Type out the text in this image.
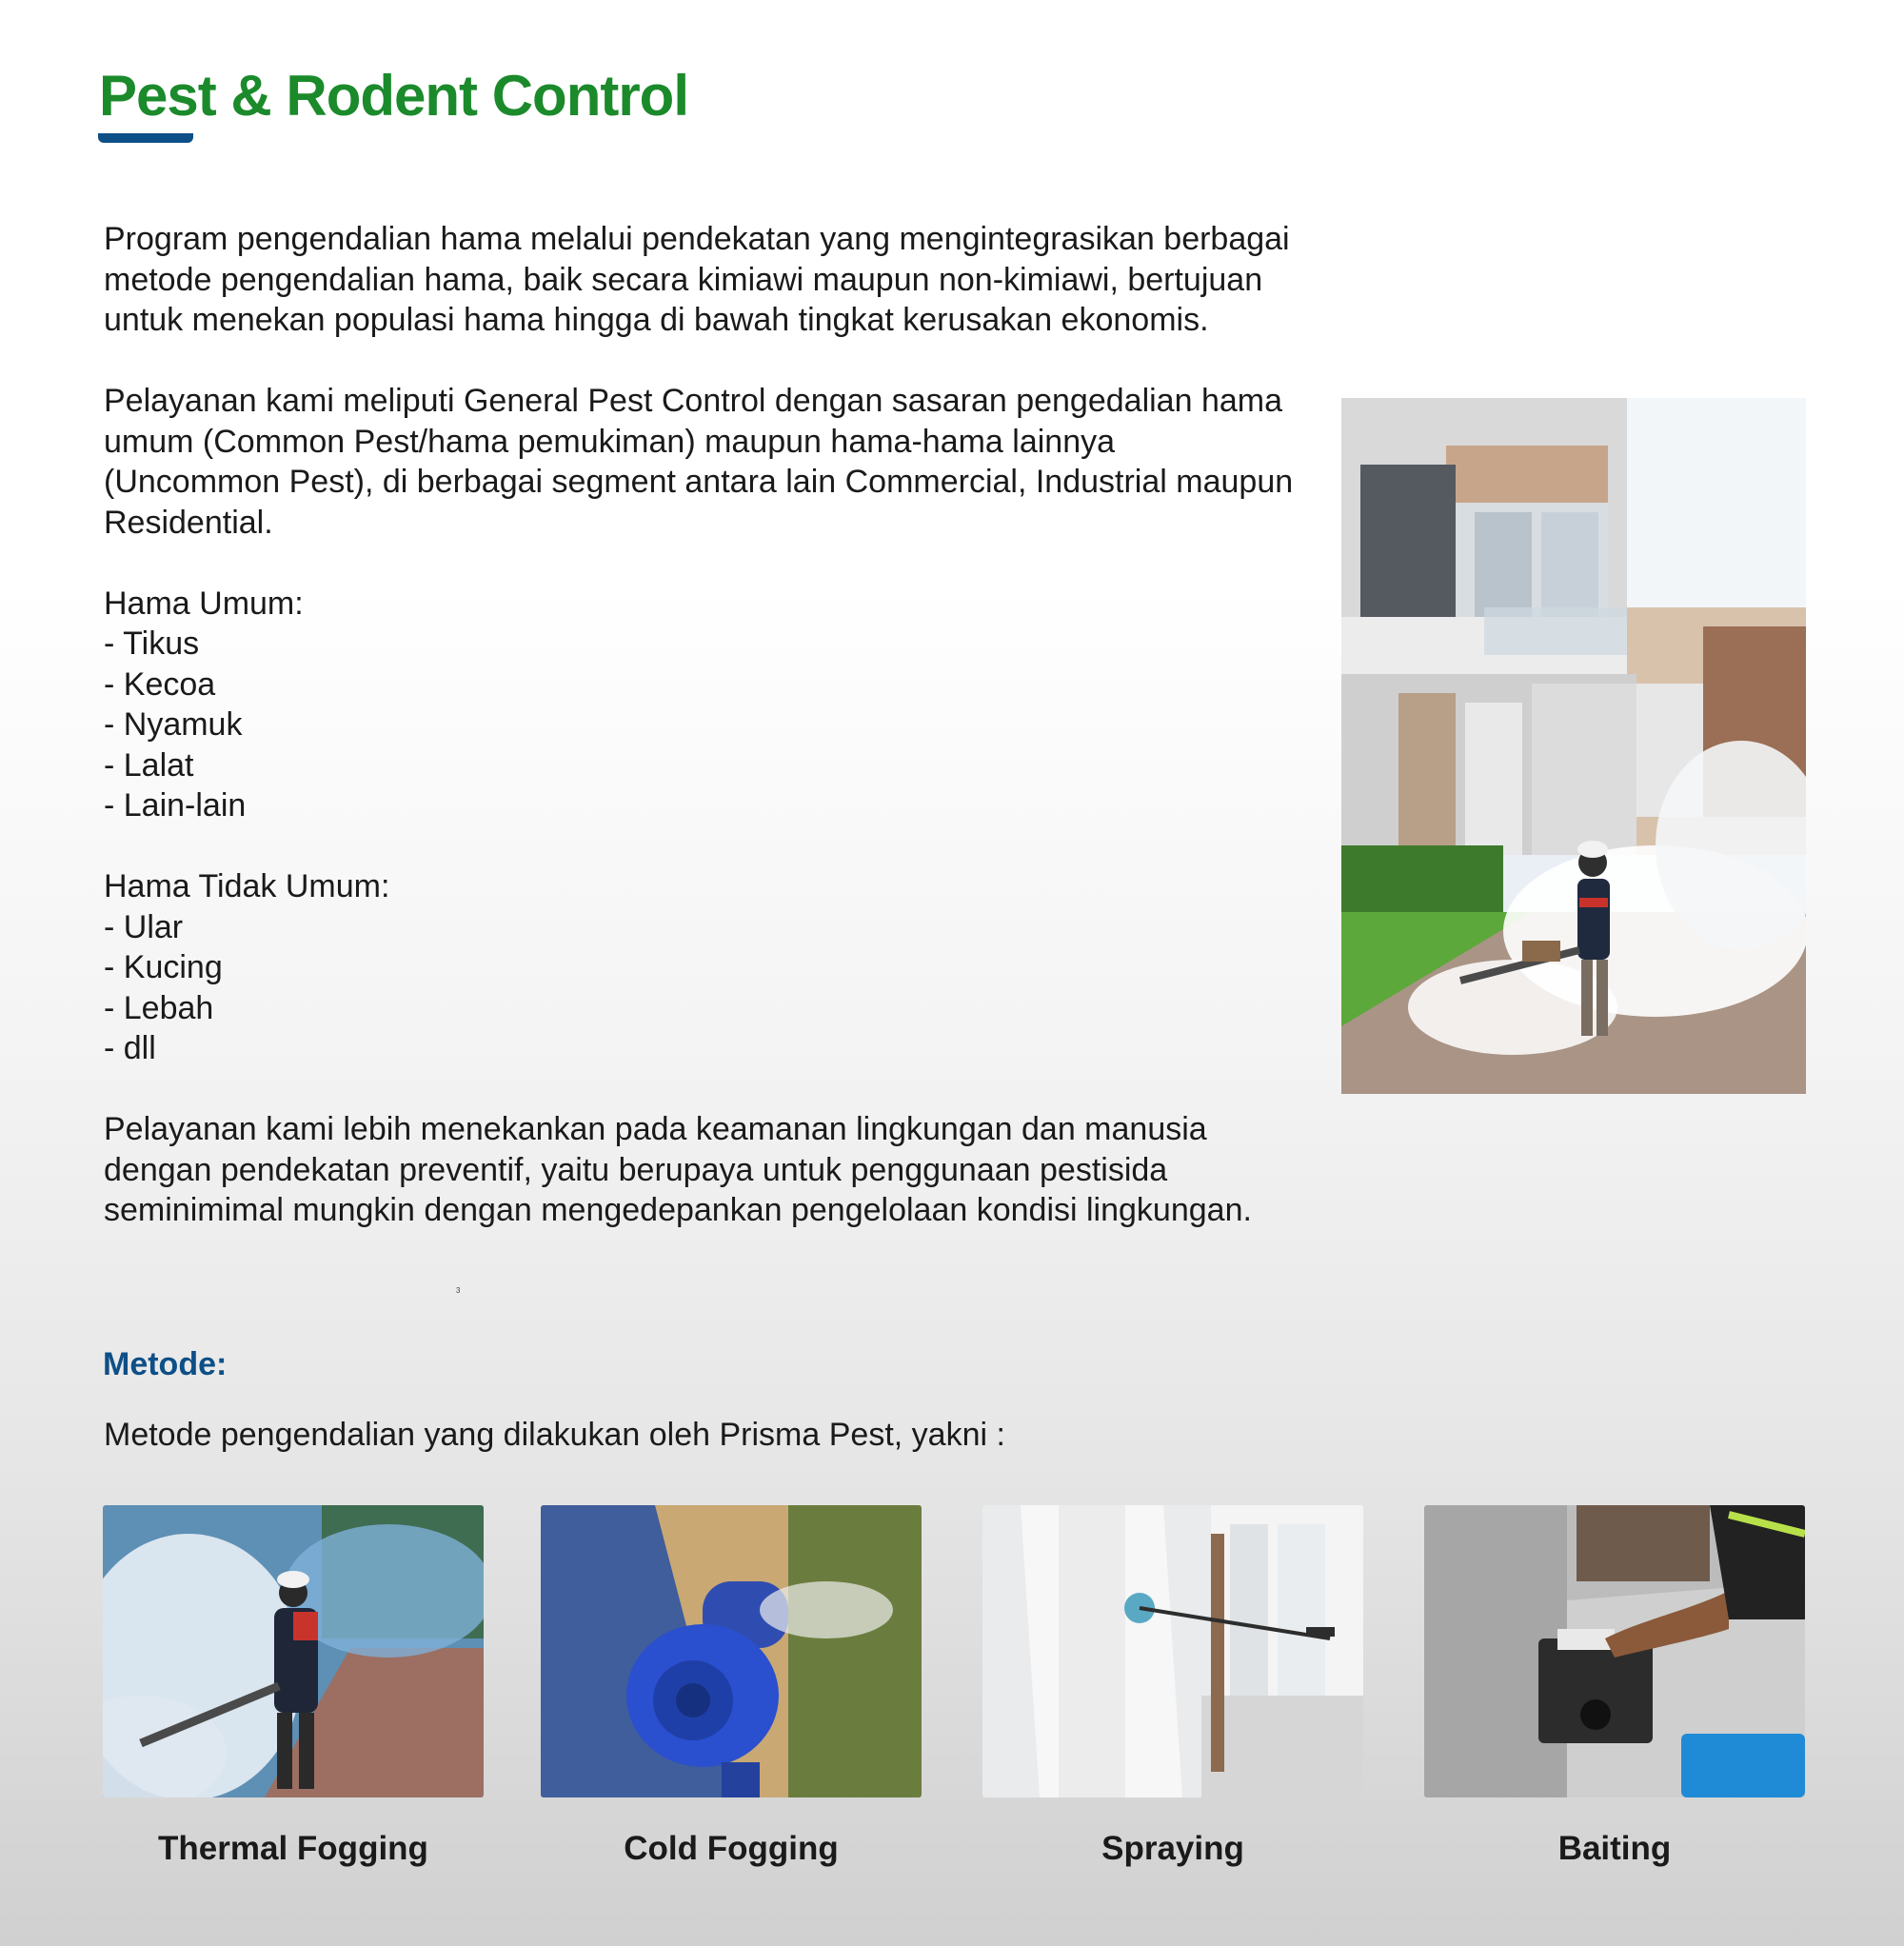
Pest & Rodent Control

Program pengendalian hama melalui pendekatan yang mengintegrasikan berbagai metode pengendalian hama, baik secara kimiawi maupun non-kimiawi, bertujuan untuk menekan populasi hama hingga di bawah tingkat kerusakan ekonomis.

Pelayanan kami meliputi General Pest Control dengan sasaran pengedalian hama umum (Common Pest/hama pemukiman) maupun hama-hama lainnya (Uncommon Pest), di berbagai segment antara lain Commercial, Industrial maupun Residential.

Hama Umum:

- Tikus
- Kecoa
- Nyamuk
- Lalat
- Lain-lain

Hama Tidak Umum:

- Ular
- Kucing
- Lebah
- dll

Pelayanan kami lebih menekankan pada keamanan lingkungan dan manusia dengan pendekatan preventif, yaitu berupaya untuk penggunaan pestisida seminimimal mungkin dengan mengedepankan pengelolaan kondisi lingkungan.

3
Metode:

Metode pengendalian yang dilakukan oleh Prisma Pest, yakni :

Thermal Fogging	Cold Fogging	Spraying	Baiting
